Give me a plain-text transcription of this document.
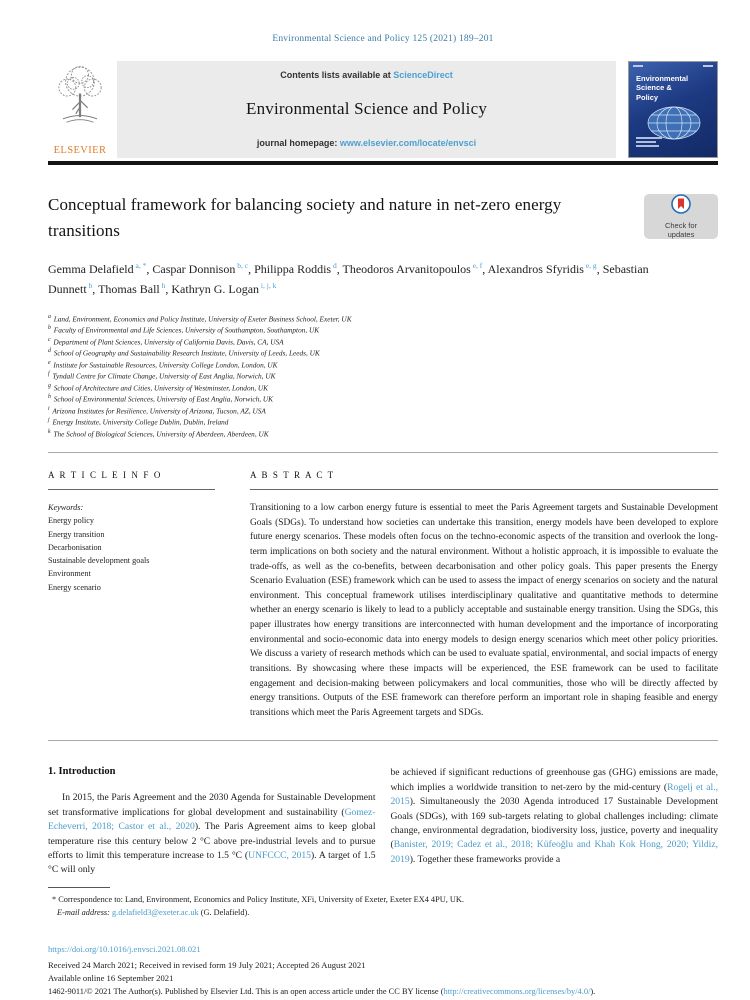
Environmental Science and Policy 125 (2021) 189–201
ELSEVIER
Contents lists available at ScienceDirect
Environmental Science and Policy
journal homepage: www.elsevier.com/locate/envsci
Environmental Science & Policy
Conceptual framework for balancing society and nature in net-zero energy transitions	Check for updates
Gemma Delafield $^{a, *}$, Caspar Donnison $^{b, c}$, Philippa Roddis $^d$, Theodoros Arvanitopoulos $^{e, f}$, Alexandros Sfyridis $^{e, g}$, Sebastian Dunnett $^b$, Thomas Ball $^h$, Kathryn G. Logan $^{i, j, k}$
$^a$ Land, Environment, Economics and Policy Institute, University of Exeter Business School, Exeter, UK
$^b$ Faculty of Environmental and Life Sciences, University of Southampton, Southampton, UK
$^c$ Department of Plant Sciences, University of California Davis, Davis, CA, USA
$^d$ School of Geography and Sustainability Research Institute, University of Leeds, Leeds, UK
$^e$ Institute for Sustainable Resources, University College London, London, UK
$^f$ Tyndall Centre for Climate Change, University of East Anglia, Norwich, UK
$^g$ School of Architecture and Cities, University of Westminster, London, UK
$^h$ School of Environmental Sciences, University of East Anglia, Norwich, UK
$^i$ Arizona Institutes for Resilience, University of Arizona, Tucson, AZ, USA
$^j$ Energy Institute, University College Dublin, Dublin, Ireland
$^k$ The School of Biological Sciences, University of Aberdeen, Aberdeen, UK
A R T I C L E I N F O
Keywords:
Energy policy
Energy transition
Decarbonisation
Sustainable development goals
Environment
Energy scenario
A B S T R A C T

Transitioning to a low carbon energy future is essential to meet the Paris Agreement targets and Sustainable Development Goals (SDGs). To understand how societies can undertake this transition, energy models have been developed to explore future energy scenarios. These models often focus on the techno-economic aspects of the transition and overlook the long-term implications on both society and the natural environment. Without a holistic approach, it is impossible to evaluate the trade-offs, as well as the co-benefits, between decarbonisation and other policy goals. This paper presents the Energy Scenario Evaluation (ESE) framework which can be used to assess the impact of energy scenarios on society and the natural environment. This conceptual framework utilises interdisciplinary qualitative and quantitative methods to determine whether an energy scenario is likely to lead to a publicly acceptable and sustainable energy transition. Using the SDGs, this paper illustrates how energy transitions are interconnected with human development and the importance of incorporating environmental and socio-economic data into energy models to design energy scenarios which meet other policy priorities. We discuss a variety of research methods which can be used to evaluate spatial, environmental, and social impacts of energy transitions. By showcasing where these impacts will be experienced, the ESE framework can be used to facilitate engagement and decision-making between policymakers and local communities, those who will be directly affected by energy transitions. Outputs of the ESE framework can therefore perform an important role in shaping feasible and energy transitions which meet the Paris Agreement targets and SDGs.

1. Introduction

In 2015, the Paris Agreement and the 2030 Agenda for Sustainable Development set transformative implications for global development and sustainability (Gomez-Echeverri, 2018; Castor et al., 2020). The Paris Agreement aims to keep global temperature rise this century below 2 °C above pre-industrial levels and to pursue efforts to limit this temperature increase to 1.5 °C (UNFCCC, 2015). A target of 1.5 °C will only

be achieved if significant reductions of greenhouse gas (GHG) emissions are made, which implies a worldwide transition to net-zero by the mid-century (Rogelj et al., 2015). Simultaneously the 2030 Agenda introduced 17 Sustainable Development Goals (SDGs), with 169 sub-targets relating to global challenges including: climate change, environmental degradation, biodiversity loss, justice, poverty and inequality (Banister, 2019; Cadez et al., 2018; Küfeoğlu and Khah Kok Hong, 2020; Yildiz, 2019). Together these frameworks provide a

* Correspondence to: Land, Environment, Economics and Policy Institute, XFi, University of Exeter, Exeter EX4 4PU, UK.

E-mail address: g.delafield3@exeter.ac.uk (G. Delafield).

https://doi.org/10.1016/j.envsci.2021.08.021
Received 24 March 2021; Received in revised form 19 July 2021; Accepted 26 August 2021
Available online 16 September 2021
1462-9011/© 2021 The Author(s). Published by Elsevier Ltd. This is an open access article under the CC BY license (http://creativecommons.org/licenses/by/4.0/).
